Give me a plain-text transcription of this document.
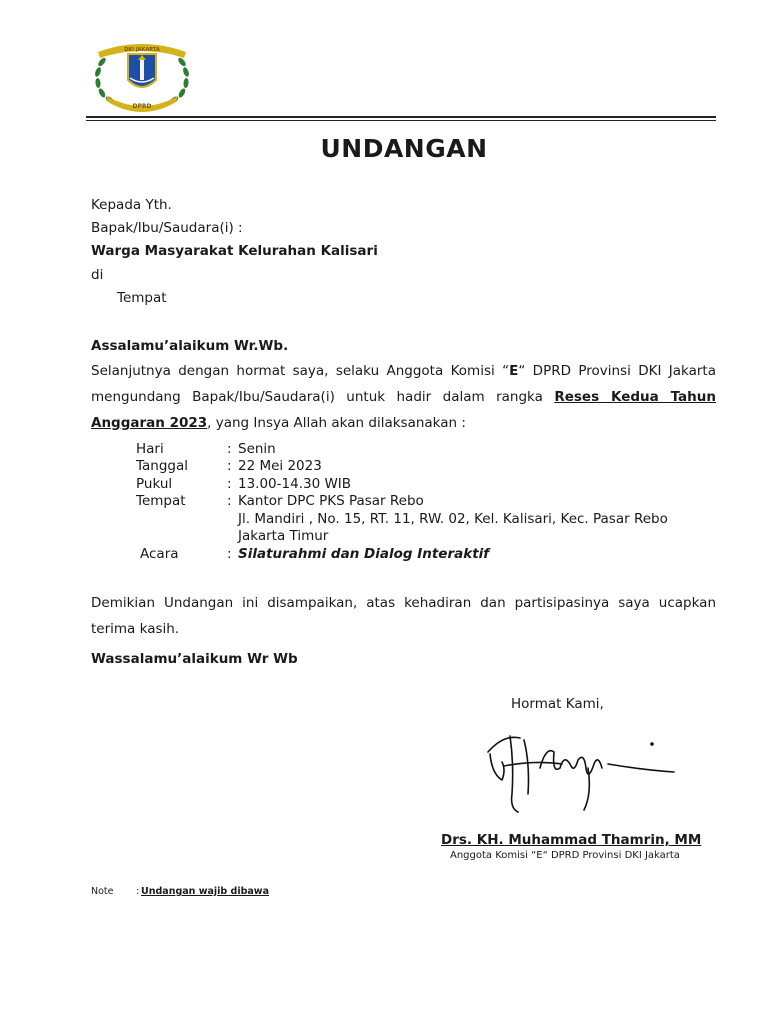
DKI JAKARTA
DPRD
UNDANGAN
Kepada Yth.
Bapak/Ibu/Saudara(i) :
Warga Masyarakat Kelurahan Kalisari
di
Tempat
Assalamu’alaikum Wr.Wb.
Selanjutnya dengan hormat saya, selaku Anggota Komisi “E“ DPRD Provinsi DKI Jakarta mengundang Bapak/Ibu/Saudara(i) untuk hadir dalam rangka Reses Kedua Tahun Anggaran 2023, yang Insya Allah akan dilaksanakan :
Hari	: Senin
Tanggal	: 22 Mei 2023
Pukul	: 13.00-14.30 WIB
Tempat	: Kantor DPC PKS Pasar Rebo
Jl. Mandiri , No. 15, RT. 11, RW. 02, Kel. Kalisari, Kec. Pasar Rebo
Jakarta Timur
Acara	: Silaturahmi dan Dialog Interaktif
Demikian Undangan ini disampaikan, atas kehadiran dan partisipasinya saya ucapkan terima kasih.
Wassalamu’alaikum Wr Wb
Hormat Kami,
Drs. KH. Muhammad Thamrin, MM
Anggota Komisi “E“ DPRD Provinsi DKI Jakarta
Note : Undangan wajib dibawa
